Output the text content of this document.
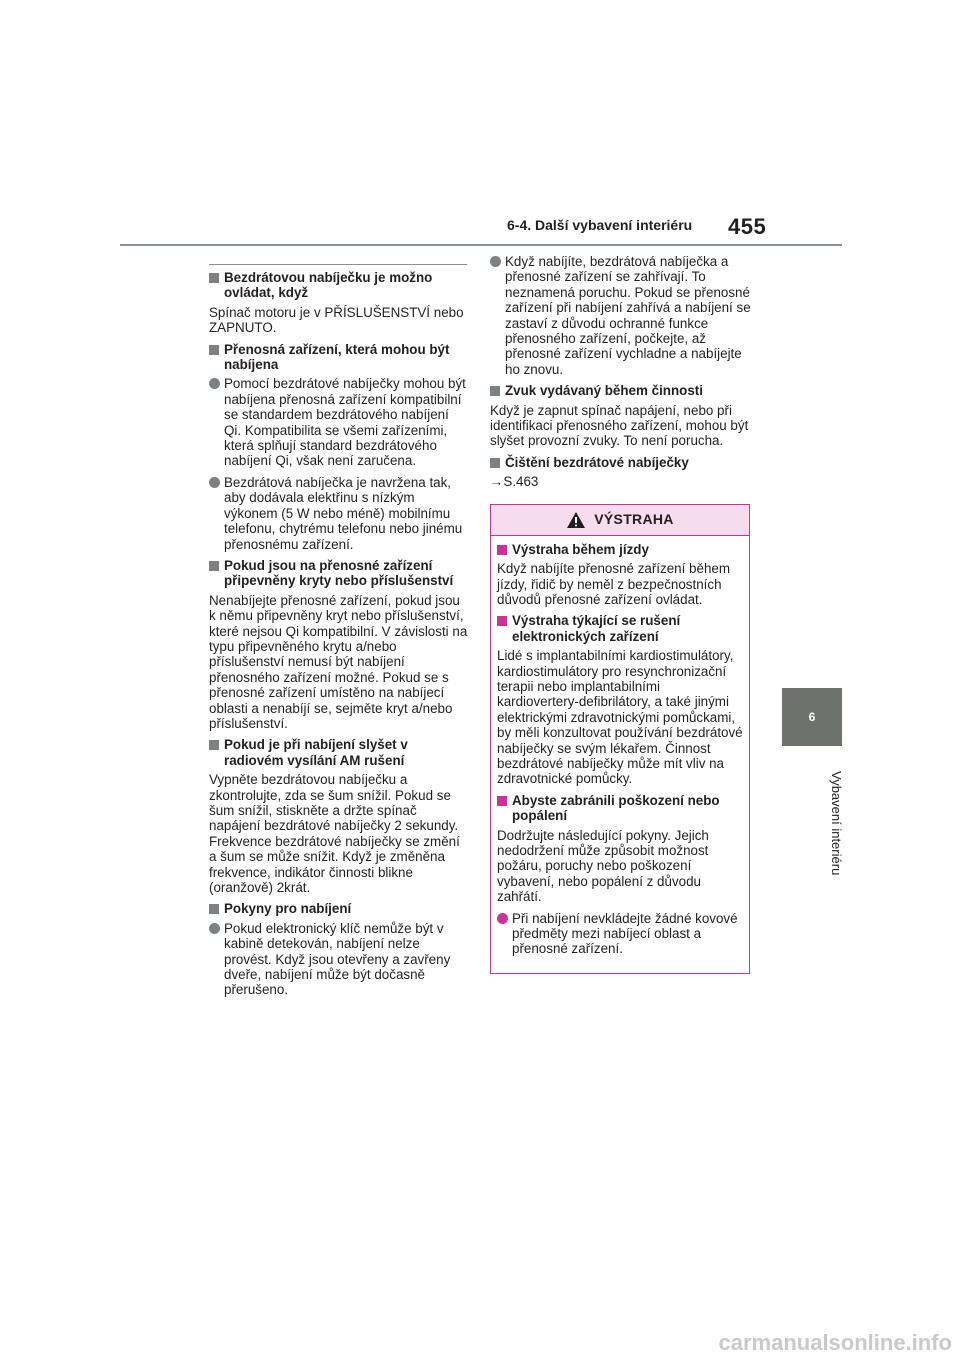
6-4. Další vybavení interiéru 455
6
Vybavení interiéru
Bezdrátovou nabíječku je možno ovládat, když
Spínač motoru je v PŘÍSLUŠENSTVÍ nebo ZAPNUTO.
Přenosná zařízení, která mohou být nabíjena
Pomocí bezdrátové nabíječky mohou být nabíjena přenosná zařízení kompatibilní se standardem bezdrátového nabíjení Qi. Kompatibilita se všemi zařízeními, která splňují standard bezdrátového nabíjení Qi, však není zaručena.
Bezdrátová nabíječka je navržena tak, aby dodávala elektřinu s nízkým výkonem (5 W nebo méně) mobilnímu telefonu, chytrému telefonu nebo jinému přenosnému zařízení.
Pokud jsou na přenosné zařízení připevněny kryty nebo příslušenství
Nenabíjejte přenosné zařízení, pokud jsou k němu připevněny kryt nebo příslušenství, které nejsou Qi kompatibilní. V závislosti na typu připevněného krytu a/nebo příslušenství nemusí být nabíjení přenosného zařízení možné. Pokud se s přenosné zařízení umístěno na nabíjecí oblasti a nenabíjí se, sejměte kryt a/nebo příslušenství.
Pokud je při nabíjení slyšet v radiovém vysílání AM rušení
Vypněte bezdrátovou nabíječku a zkontrolujte, zda se šum snížil. Pokud se šum snížil, stiskněte a držte spínač napájení bezdrátové nabíječky 2 sekundy. Frekvence bezdrátové nabíječky se změní a šum se může snížit. Když je změněna frekvence, indikátor činnosti bliknе (oranžově) 2krát.
Pokyny pro nabíjení
Pokud elektronický klíč nemůže být v kabině detekován, nabíjení nelze provést. Když jsou otevřeny a zavřeny dveře, nabíjení může být dočasně přerušeno.
Když nabíjíte, bezdrátová nabíječka a přenosné zařízení se zahřívají. To neznamená poruchu. Pokud se přenosné zařízení při nabíjení zahřívá a nabíjení se zastaví z důvodu ochranné funkce přenosného zařízení, počkejte, až přenosné zařízení vychladne a nabíjejte ho znovu.
Zvuk vydávaný během činnosti
Když je zapnut spínač napájení, nebo při identifikaci přenosného zařízení, mohou být slyšet provozní zvuky. To není porucha.
Čištění bezdrátové nabíječky
→S.463
VÝSTRAHA
Výstraha během jízdy
Když nabíjíte přenosné zařízení během jízdy, řidič by neměl z bezpečnostních důvodů přenosné zařízení ovládat.
Výstraha týkající se rušení elektronických zařízení
Lidé s implantabilními kardiostimulátory, kardiostimulátory pro resynchronizační terapii nebo implantabilními kardiovertery-defibrilátory, a také jinými elektrickými zdravotnickými pomůckami, by měli konzultovat používání bezdrátové nabíječky se svým lékařem. Činnost bezdrátové nabíječky může mít vliv na zdravotnické pomůcky.
Abyste zabránili poškození nebo popálení
Dodržujte následující pokyny. Jejich nedodržení může způsobit možnost požáru, poruchy nebo poškození vybavení, nebo popálení z důvodu zahřátí.
Při nabíjení nevkládejte žádné kovové předměty mezi nabíjecí oblast a přenosné zařízení.
carmanualsonline.info
